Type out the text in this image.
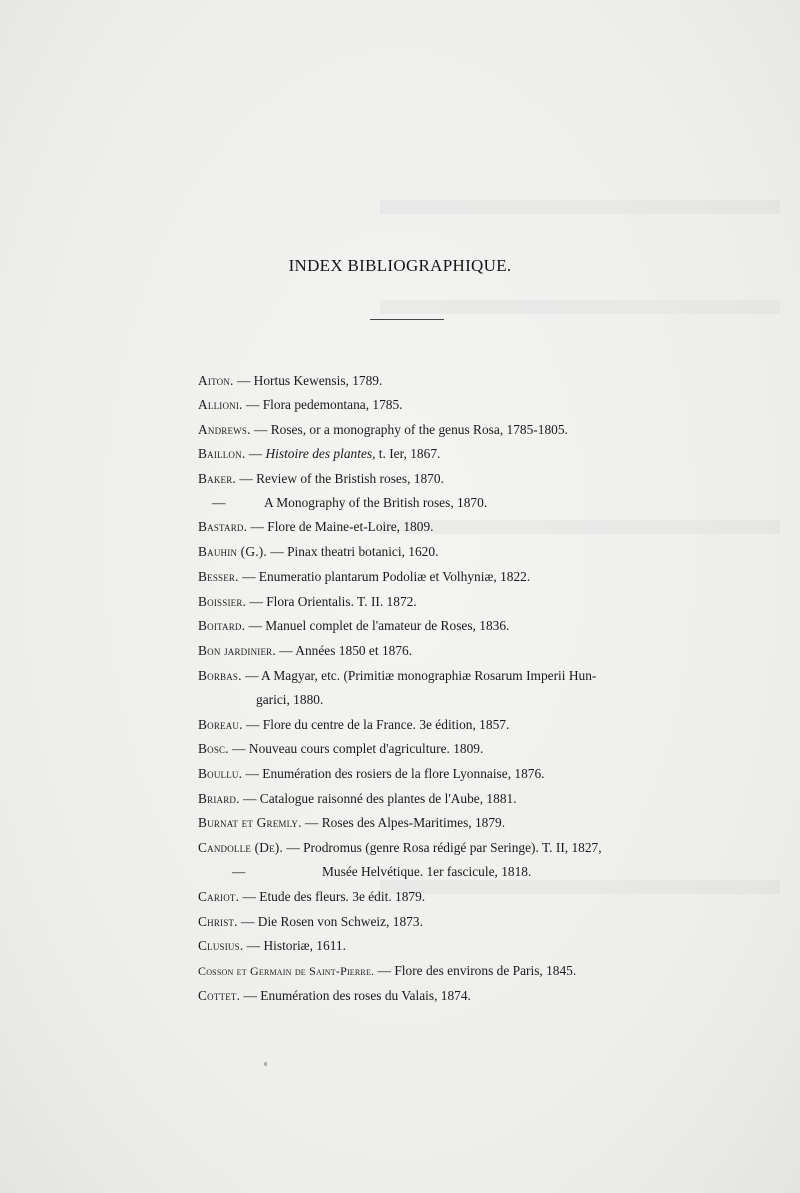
INDEX BIBLIOGRAPHIQUE.
Aiton. — Hortus Kewensis, 1789.
Allioni. — Flora pedemontana, 1785.
Andrews. — Roses, or a monography of the genus Rosa, 1785-1805.
Baillon. — Histoire des plantes, t. Ier, 1867.
Baker. — Review of the Bristish roses, 1870.
—	A Monography of the British roses, 1870.
Bastard. — Flore de Maine-et-Loire, 1809.
Bauhin (G.). — Pinax theatri botanici, 1620.
Besser. — Enumeratio plantarum Podoliæ et Volhyniæ, 1822.
Boissier. — Flora Orientalis. T. II. 1872.
Boitard. — Manuel complet de l'amateur de Roses, 1836.
Bon jardinier. — Années 1850 et 1876.
Borbas. — A Magyar, etc. (Primitiæ monographiæ Rosarum Imperii Hun-
garici, 1880.
Boreau. — Flore du centre de la France. 3e édition, 1857.
Bosc. — Nouveau cours complet d'agriculture. 1809.
Boullu. — Enumération des rosiers de la flore Lyonnaise, 1876.
Briard. — Catalogue raisonné des plantes de l'Aube, 1881.
Burnat et Gremly. — Roses des Alpes-Maritimes, 1879.
Candolle (De). — Prodromus (genre Rosa rédigé par Seringe). T. II, 1827,
—	Musée Helvétique. 1er fascicule, 1818.
Cariot. — Etude des fleurs. 3e édit. 1879.
Christ. — Die Rosen von Schweiz, 1873.
Clusius. — Historiæ, 1611.
Cosson et Germain de Saint-Pierre. — Flore des environs de Paris, 1845.
Cottet. — Enumération des roses du Valais, 1874.
